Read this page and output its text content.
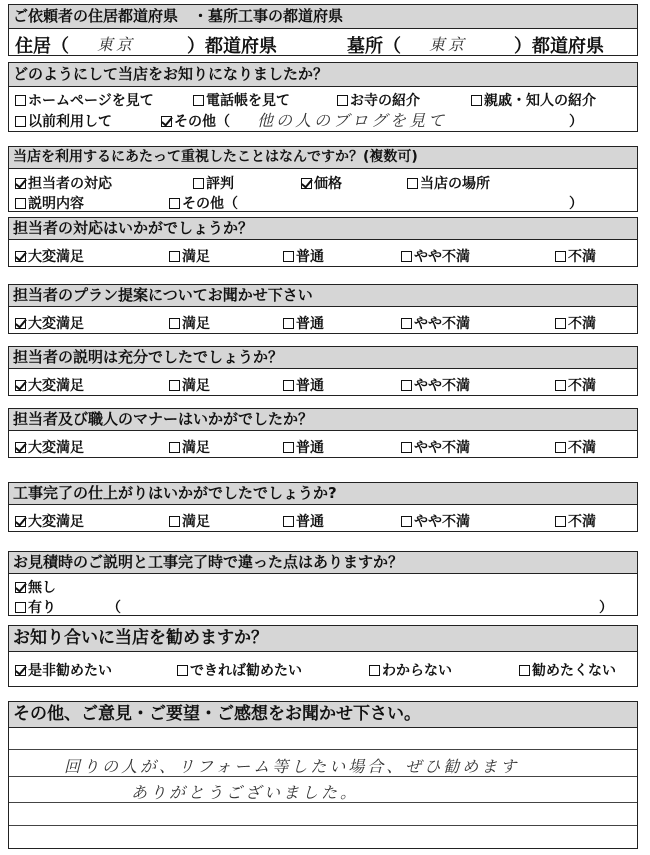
ご依頼者の住居都道府県　・墓所工事の都道府県
住居（ 東京	）都道府県	墓所（ 東京	）都道府県
どのようにして当店をお知りになりましたか？
ホームページを見て	電話帳を見て	お寺の紹介	親戚・知人の紹介
以前利用して	その他（ 他の人のブログを見て	）
当店を利用するにあたって重視したことはなんですか？(複数可)
担当者の対応	評判	価格	当店の場所
説明内容	その他（	）
担当者の対応はいかがでしょうか？
大変満足	満足	普通	やや不満	不満
担当者のプラン提案についてお聞かせ下さい
大変満足	満足	普通	やや不満	不満
担当者の説明は充分でしたでしょうか？
大変満足	満足	普通	やや不満	不満
担当者及び職人のマナーはいかがでしたか？
大変満足	満足	普通	やや不満	不満
工事完了の仕上がりはいかがでしたでしょうか?
大変満足	満足	普通	やや不満	不満
お見積時のご説明と工事完了時で違った点はありますか？
無し
有り	（	）
お知り合いに当店を勧めますか？
是非勧めたい	できれば勧めたい	わからない	勧めたくない
その他、ご意見・ご要望・ご感想をお聞かせ下さい。
回りの人が、リフォーム等したい場合、ぜひ勧めます
ありがとうございました。
